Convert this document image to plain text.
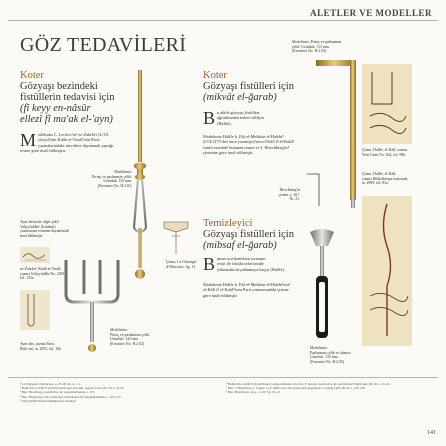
ALETLER VE MODELLER
GÖZ TEDAVİLERİ
Koter
Gözyaşı bezindeki
fistüllerin tedavisi için
(fî keyy en-nâsûr
ellezî fî ma'ak el-'ayn)
M odelimiz L. Leclerc'in¹ ez-Zahrâvî (4./10. yüzyıl)'nin Kitâb et-Tasrîf'inin Paris yazmalarındaki tasvirlere dayanarak yaptığı resme göre imal edilmiştir.
Modelimiz:
Pirinç ve paslanmaz çelik.
Uzunluk: 155 mm.
(Envanter No. H.2.01)
Çizim, La Chirurgie
d'Albucasis, fig. 11.
Aynı aletin bir diğer şekli
Veliyyüddîn⁵ (İstanbul)
yazmasının resmine dayanılarak
imal edilmiştir.
ez-Zahrâvî, Kitâb et-Tasrîf,
yazma Veliyyüddîn No. 2491,
fol. 132a.
Aynı alet, yazma Paris,
Bibl. nat. ar. 2953, fol. 10b.
Modelimiz:
Pirinç ve paslanmaz çelik.
Uzunluk: 142 mm.
(Envanter No. H.2.02)
Koter
Gözyaşı fistülleri için
(mikvât el-ğarab)
B u aletle gözyaşı fistülleri,
ağrıtılmadan tedavi ediliyor
(Halîfe).
Modelimiz Halîfe b. Ebî el-Mehâsin el-Halebî² (674/1275'den önce yazmıştır)'nin el-Kâfî fî el-Kuhl³ isimli eserinde bulunan resme ve J. Hirschberg'in⁴ çizimine göre imal edilmiştir.
Modelimiz: Pirinç ve paslanmaz
çelik. Uzunluk: 113 mm.
(Envanter No. H.2.03)
Çizim, Halîfe, el-Kâfî, yazma
Yeni Cami No. 924, fol. 99b.
Hirschberg'in
çizimi, s. 167,
Nr. 21.
Temizleyici
Gözyaşı fistülleri için
(mibsaf el-ğarab)
B unun ucu kemikten tornanın
tesiri ile fistülü tedavisinde
yakmadan fırçalanmaya kaçışı (Halîfe).
Modelimiz Halîfe b. Ebî el-Mehâsin el-Halebî'nin² el-Kâfî fî el-Kuhl³'inin Paris yazmasındaki çizime göre imal edilmiştir.
Çizim, Halîfe, el-Kâfî,
yazma Bibliothèque nationale,
ar. 2999, fol. 83a.
Modelimiz:
Paslanmaz çelik ve abanoz
Uzunluk: 132 mm.
(Envanter No. H.2.05)
¹ La Chirurgie d'Albucasis, s. 47-48, fig. no. 11.
² Halîfe'nin el-Kâfî fî el-Kuhl isimli eseri için bkz. Sezgin, GAS, Bd. III, s. 25-26.
³ Bkz. Hirschberg, Geschichte der Augenheilkunde, s. 167.
⁴ Bkz. Hirschberg, Die arabischen Lehrbücher der Augenheilkunde, s. 163-170.
⁵ Veliyyüddîn Efendi Kütüphanesi, İstanbul.
⁶ Halîfe'nin el-Kâfî fî el-Kuhl'unun yazma nüshaları için bkz. F. Sezgin, Geschichte des arabischen Schrifttums, Bd. III, s. 25-26.
⁷ Bkz. J. Hirschberg, J. Lippert ve E. Mittwoch, Die arabischen Augenärzte, Leipzig 1905, Bd. II, s. 145-148.
⁸ Bkz. Hirschberg, a.g.e., s. 167 fig. Nr. 21.
141
